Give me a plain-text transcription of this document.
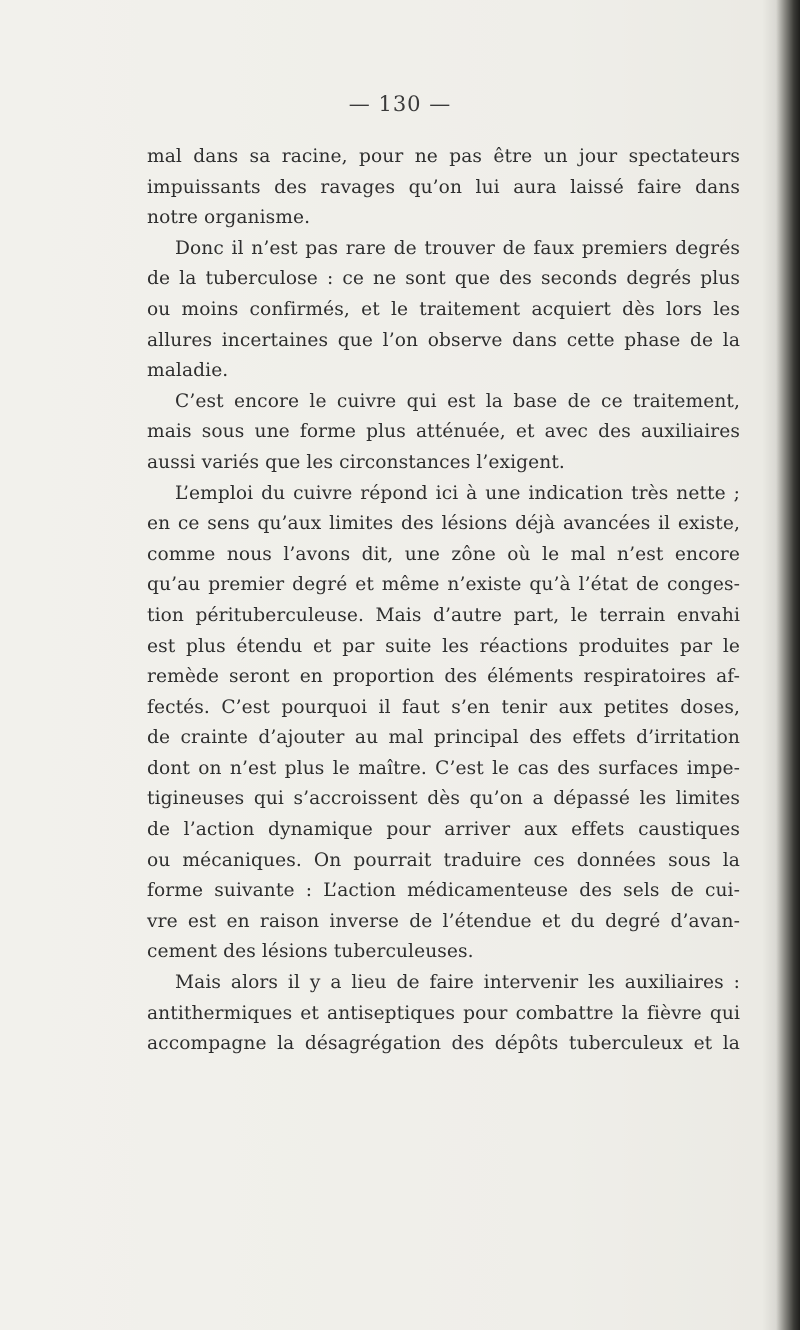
— 130 —
mal dans sa racine, pour ne pas être un jour spectateurs
impuissants des ravages qu’on lui aura laissé faire dans
notre organisme.
Donc il n’est pas rare de trouver de faux premiers degrés
de la tuberculose : ce ne sont que des seconds degrés plus
ou moins confirmés, et le traitement acquiert dès lors les
allures incertaines que l’on observe dans cette phase de la
maladie.
C’est encore le cuivre qui est la base de ce traitement,
mais sous une forme plus atténuée, et avec des auxiliaires
aussi variés que les circonstances l’exigent.
L’emploi du cuivre répond ici à une indication très nette ;
en ce sens qu’aux limites des lésions déjà avancées il existe,
comme nous l’avons dit, une zône où le mal n’est encore
qu’au premier degré et même n’existe qu’à l’état de conges-
tion pérituberculeuse. Mais d’autre part, le terrain envahi
est plus étendu et par suite les réactions produites par le
remède seront en proportion des éléments respiratoires af-
fectés. C’est pourquoi il faut s’en tenir aux petites doses,
de crainte d’ajouter au mal principal des effets d’irritation
dont on n’est plus le maître. C’est le cas des surfaces impe-
tigineuses qui s’accroissent dès qu’on a dépassé les limites
de l’action dynamique pour arriver aux effets caustiques
ou mécaniques. On pourrait traduire ces données sous la
forme suivante : L’action médicamenteuse des sels de cui-
vre est en raison inverse de l’étendue et du degré d’avan-
cement des lésions tuberculeuses.
Mais alors il y a lieu de faire intervenir les auxiliaires :
antithermiques et antiseptiques pour combattre la fièvre qui
accompagne la désagrégation des dépôts tuberculeux et la
